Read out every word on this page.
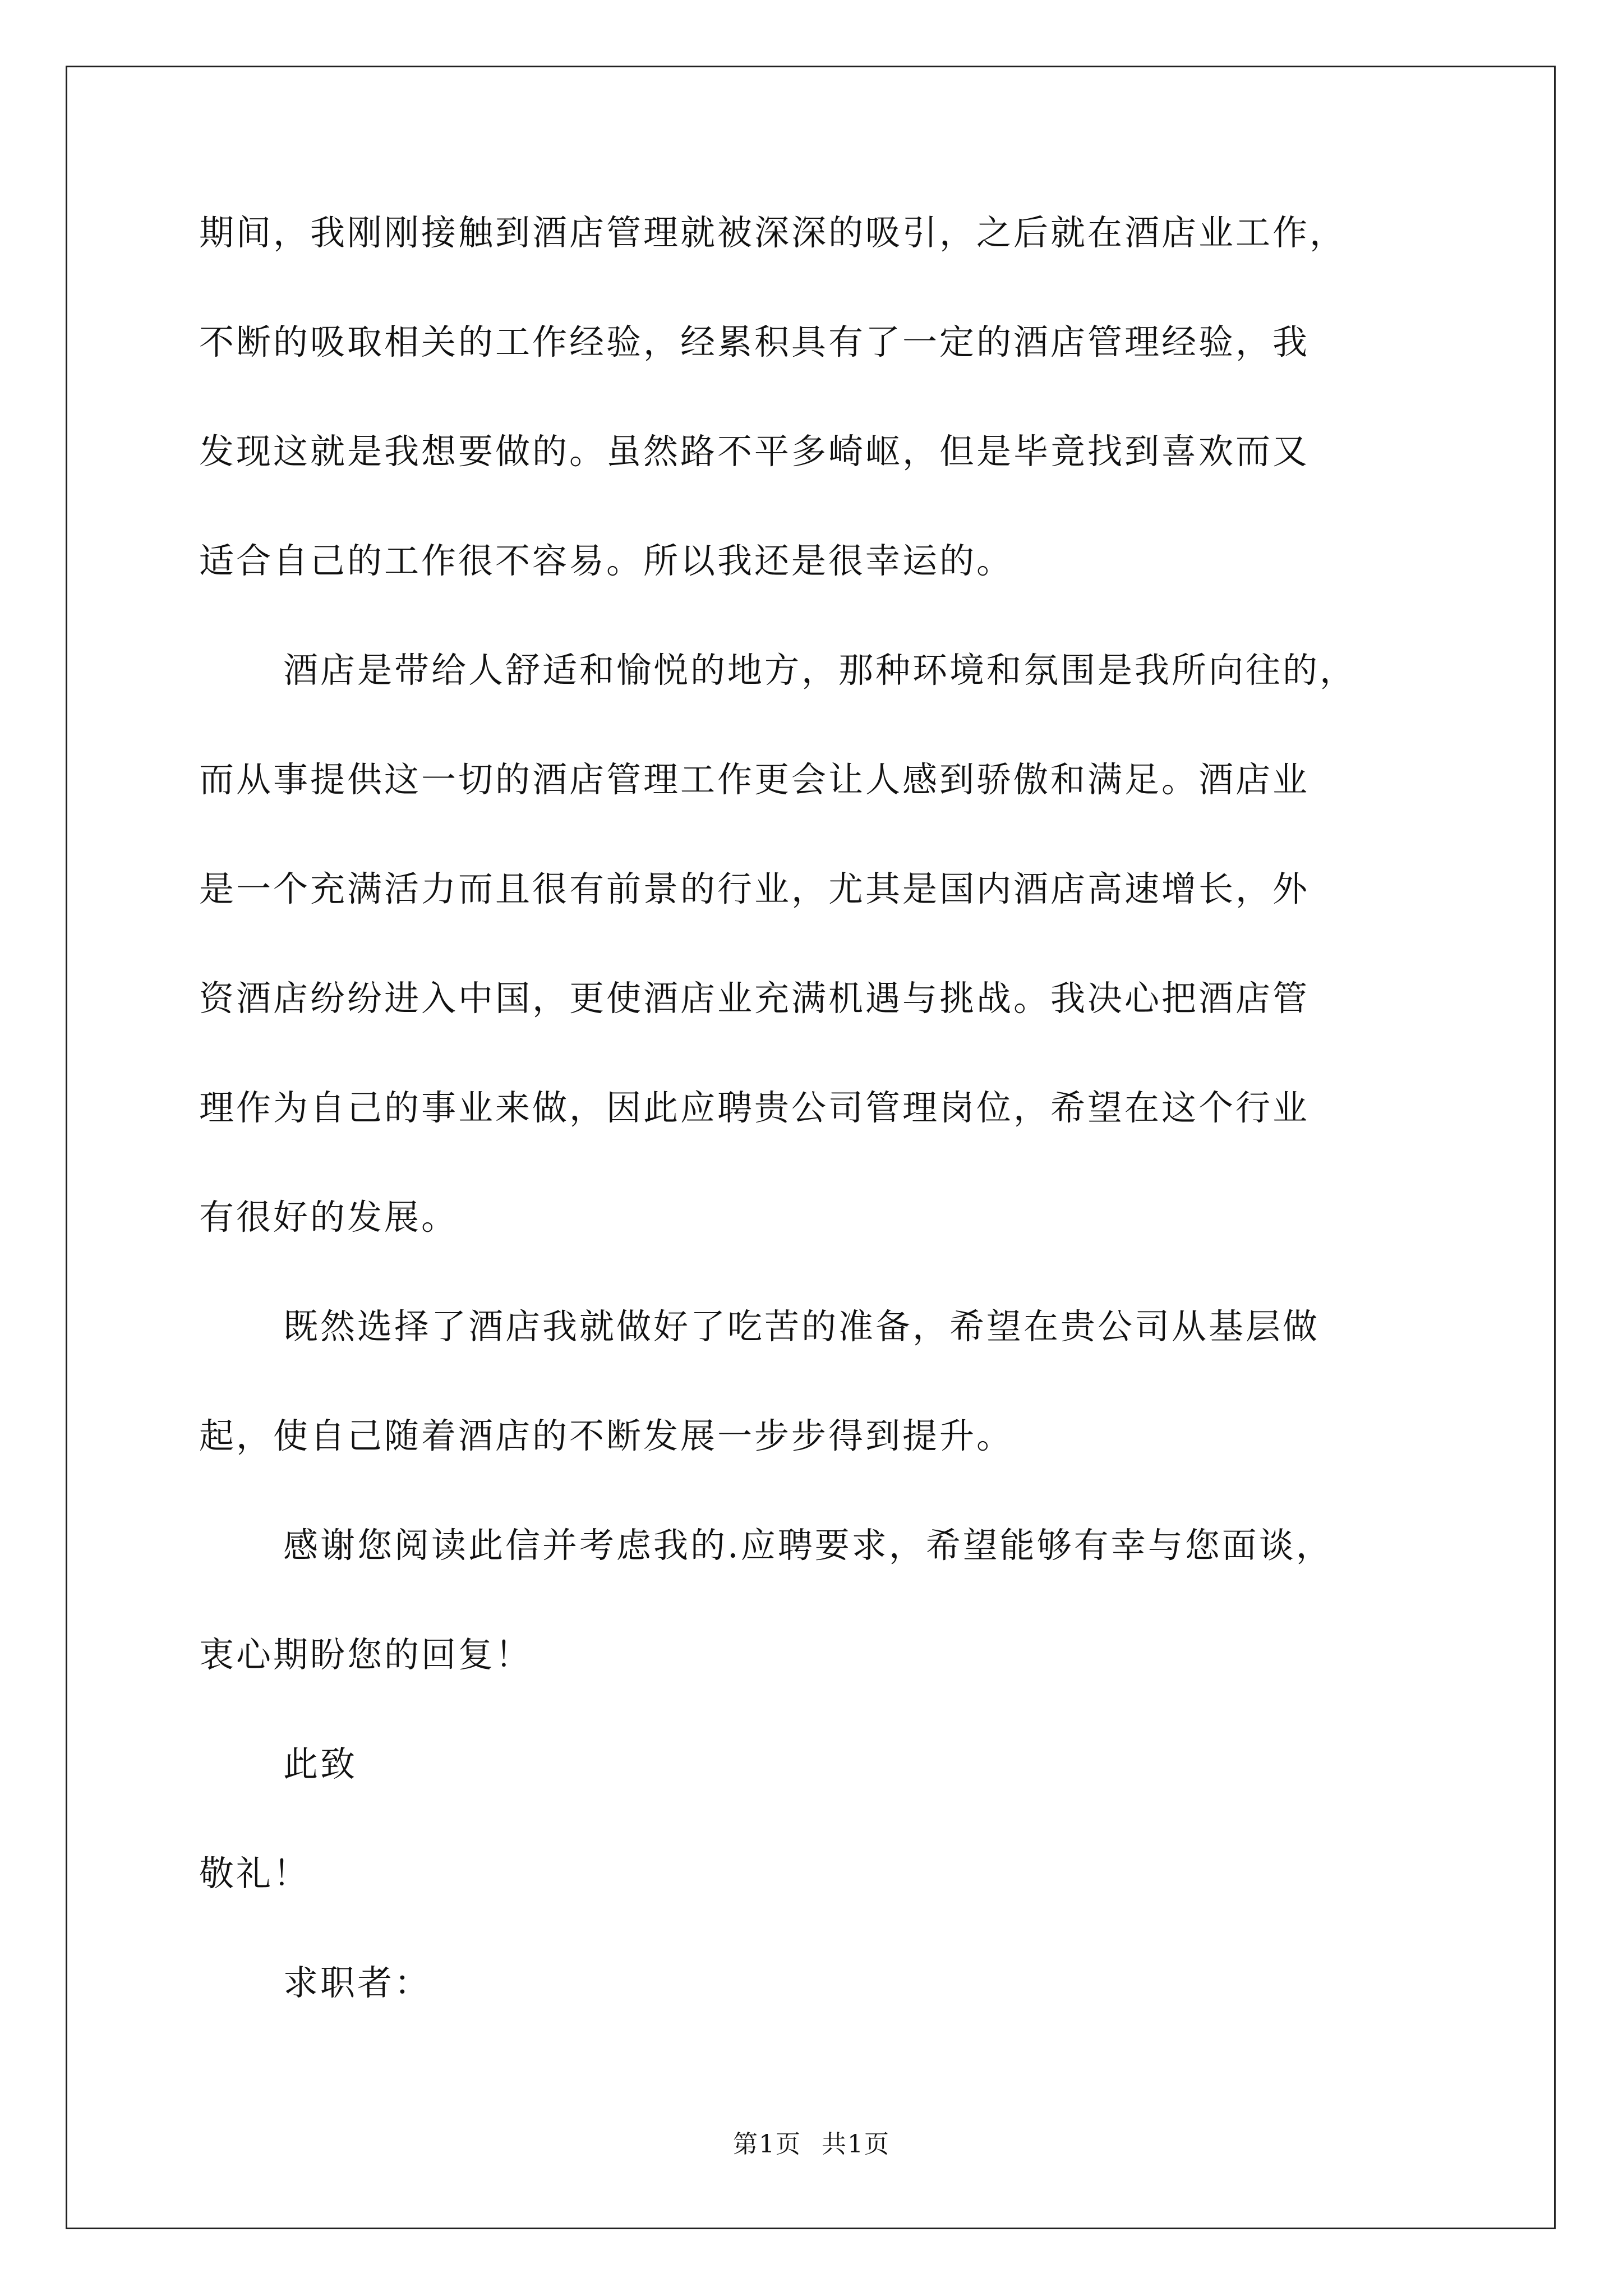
期间，我刚刚接触到酒店管理就被深深的吸引，之后就在酒店业工作，

不断的吸取相关的工作经验，经累积具有了一定的酒店管理经验，我

发现这就是我想要做的。虽然路不平多崎岖，但是毕竟找到喜欢而又

适合自己的工作很不容易。所以我还是很幸运的。

酒店是带给人舒适和愉悦的地方，那种环境和氛围是我所向往的，

而从事提供这一切的酒店管理工作更会让人感到骄傲和满足。酒店业

是一个充满活力而且很有前景的行业，尤其是国内酒店高速增长，外

资酒店纷纷进入中国，更使酒店业充满机遇与挑战。我决心把酒店管

理作为自己的事业来做，因此应聘贵公司管理岗位，希望在这个行业

有很好的发展。

既然选择了酒店我就做好了吃苦的准备，希望在贵公司从基层做

起，使自己随着酒店的不断发展一步步得到提升。

感谢您阅读此信并考虑我的.应聘要求，希望能够有幸与您面谈，

衷心期盼您的回复！

此致

敬礼！

求职者：

第1页 共1页
